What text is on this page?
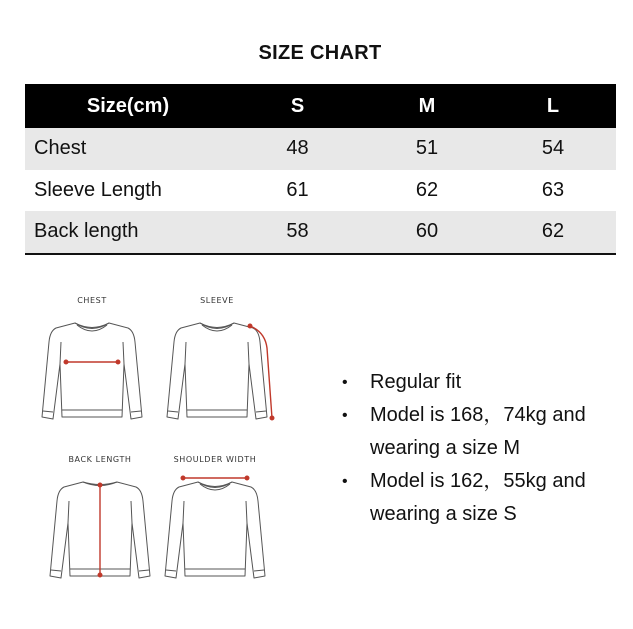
SIZE CHART
Size(cm)	S	M	L
Chest	48	51	54
Sleeve Length	61	62	63
Back length	58	60	62
CHEST	SLEEVE
BACK LENGTH	SHOULDER WIDTH
• Regular fit
• Model is 168，74kg and
wearing a size M
• Model is 162，55kg and
wearing a size S
